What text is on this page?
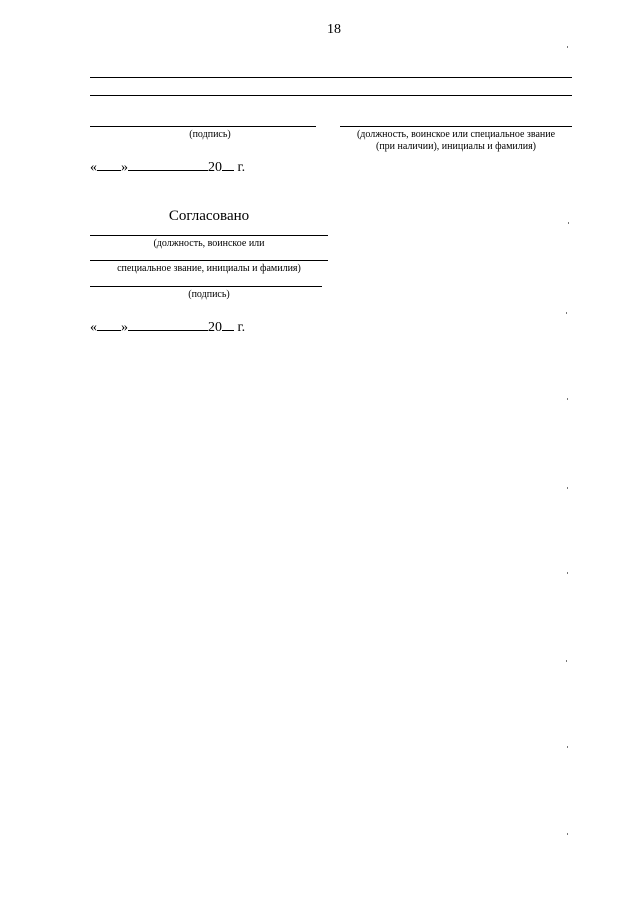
18
(подпись)	(должность, воинское или специальное звание
(при наличии), инициалы и фамилия)
« »	20 г.
Согласовано
(должность, воинское или
специальное звание, инициалы и фамилия)
(подпись)
« »	20 г.
